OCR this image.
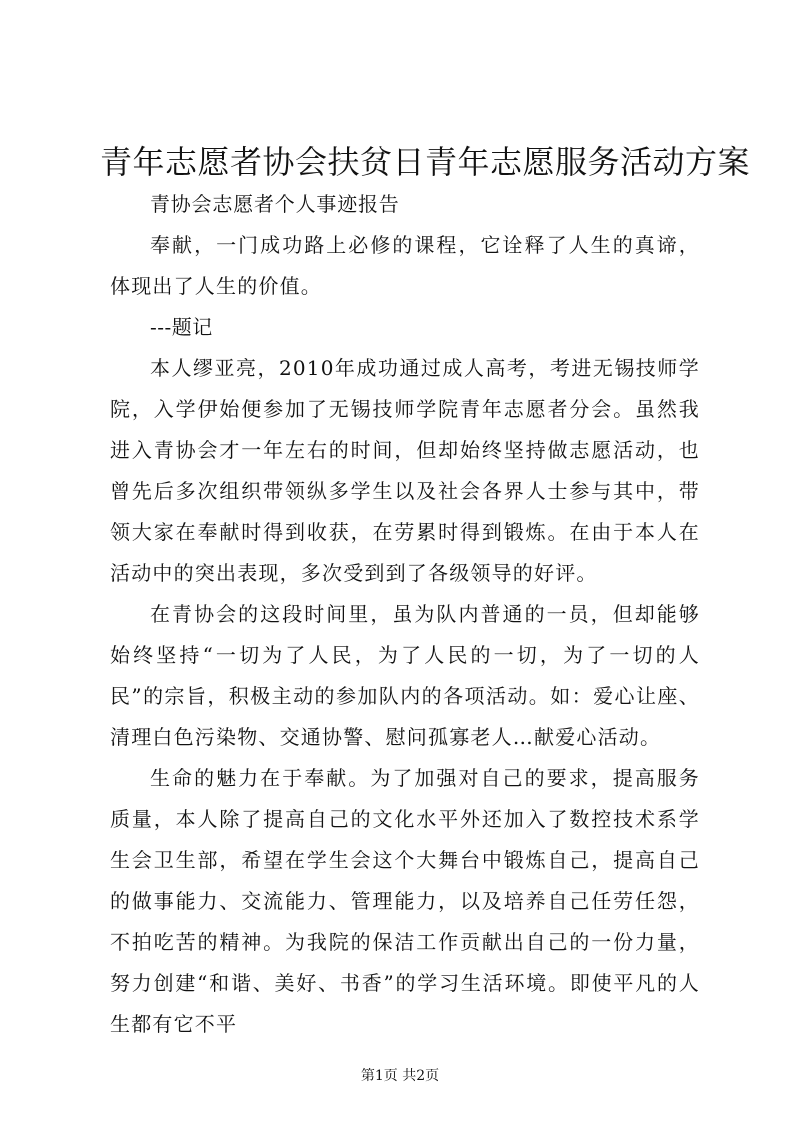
青年志愿者协会扶贫日青年志愿服务活动方案

青协会志愿者个人事迹报告

奉献，一门成功路上必修的课程，它诠释了人生的真谛，体现出了人生的价值。

---题记

本人缪亚亮，2010年成功通过成人高考，考进无锡技师学院，入学伊始便参加了无锡技师学院青年志愿者分会。虽然我进入青协会才一年左右的时间，但却始终坚持做志愿活动，也曾先后多次组织带领纵多学生以及社会各界人士参与其中，带领大家在奉献时得到收获，在劳累时得到锻炼。在由于本人在活动中的突出表现，多次受到到了各级领导的好评。

在青协会的这段时间里，虽为队内普通的一员，但却能够始终坚持“一切为了人民，为了人民的一切，为了一切的人民”的宗旨，积极主动的参加队内的各项活动。如：爱心让座、清理白色污染物、交通协警、慰问孤寡老人…献爱心活动。

生命的魅力在于奉献。为了加强对自己的要求，提高服务质量，本人除了提高自己的文化水平外还加入了数控技术系学生会卫生部，希望在学生会这个大舞台中锻炼自己，提高自己的做事能力、交流能力、管理能力，以及培养自己任劳任怨，不拍吃苦的精神。为我院的保洁工作贡献出自己的一份力量，努力创建“和谐、美好、书香”的学习生活环境。即使平凡的人生都有它不平

第1页 共2页
